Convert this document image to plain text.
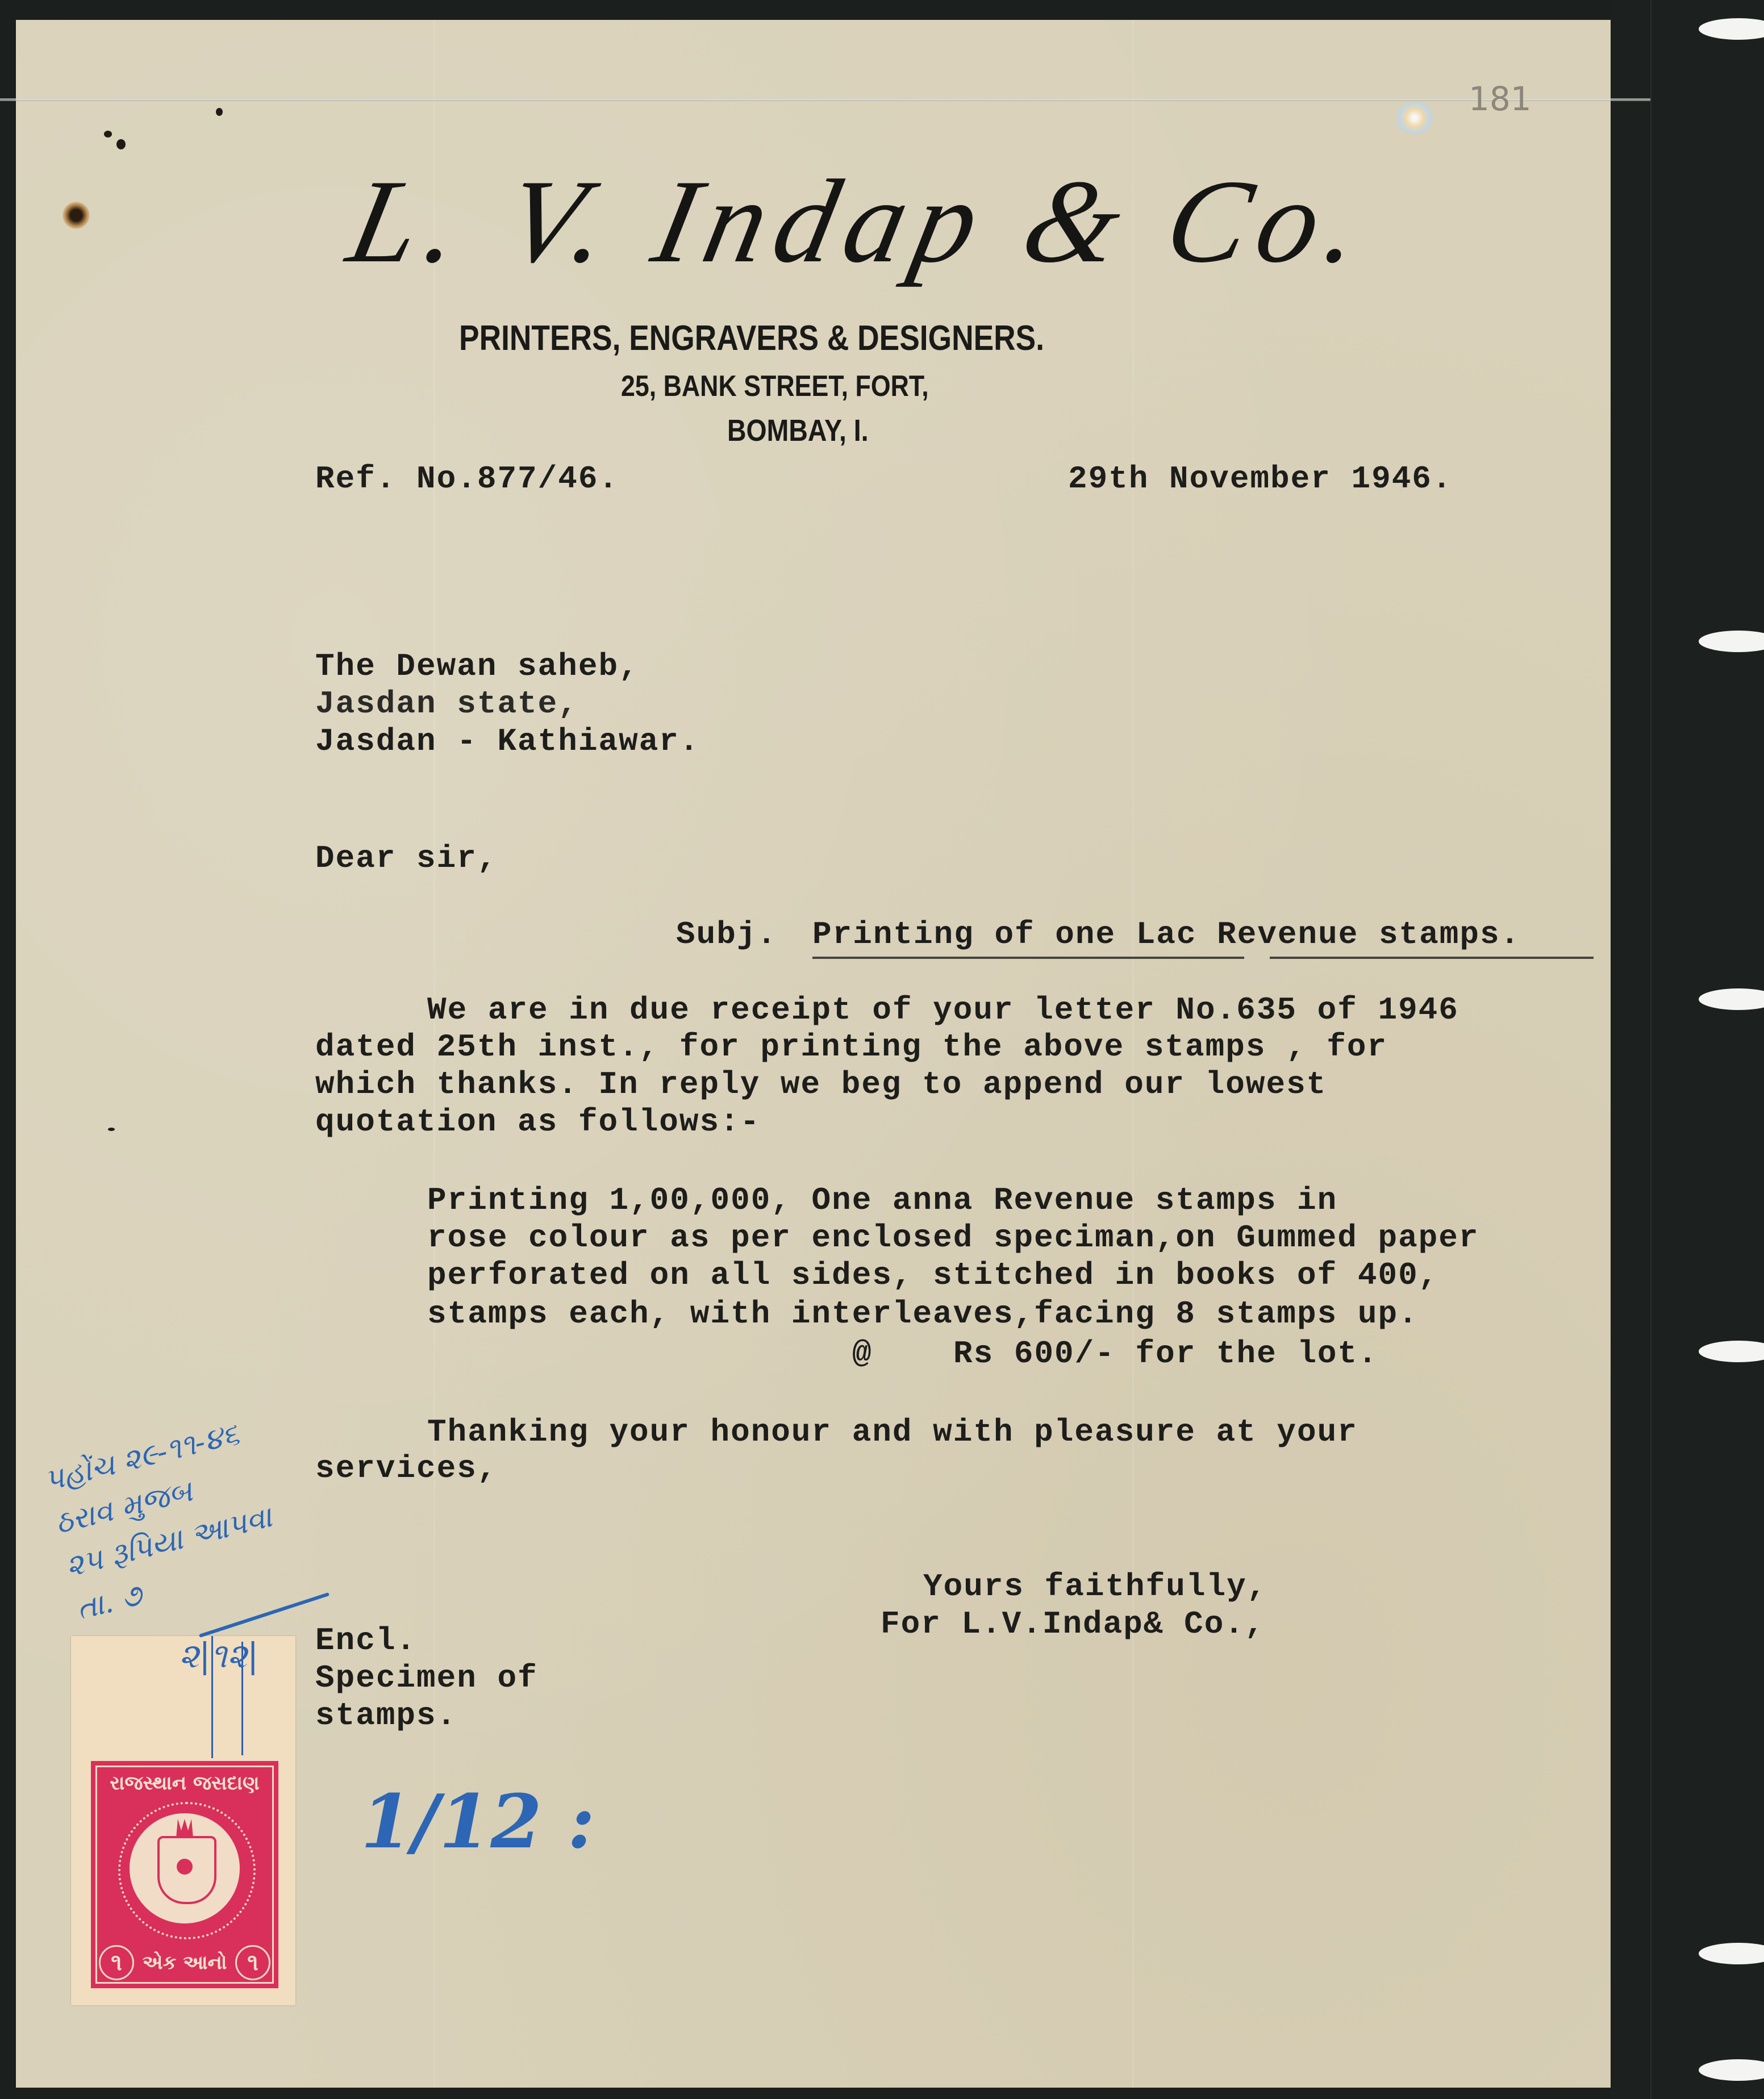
181
L. V. Indap & Co.
PRINTERS, ENGRAVERS & DESIGNERS.
25, BANK STREET, FORT,
BOMBAY, I.
Ref. No.877/46.	29th November 1946.
The Dewan saheb,
Jasdan state,
Jasdan - Kathiawar.
Dear sir,
Subj. Printing of one Lac Revenue stamps.
We are in due receipt of your letter No.635 of 1946
dated 25th inst., for printing the above stamps , for
which thanks. In reply we beg to append our lowest
quotation as follows:-
Printing 1,00,000, One anna Revenue stamps in
rose colour as per enclosed speciman,on Gummed paper
perforated on all sides, stitched in books of 400,
stamps each, with interleaves,facing 8 stamps up.
@    Rs 600/- for the lot.
Thanking your honour and with pleasure at your
services,
Yours faithfully,
For L.V.Indap& Co.,
Encl.
Specimen of
stamps.
રાજસ્થાન જસદાણ
૧	એક આનો ૧
પહોંચ ૨૯-૧૧-૪૬
ઠરાવ મુજબ
૨૫ રૂપિયા આપવા
તા. ૭
૨|૧૨|
1/12 :
